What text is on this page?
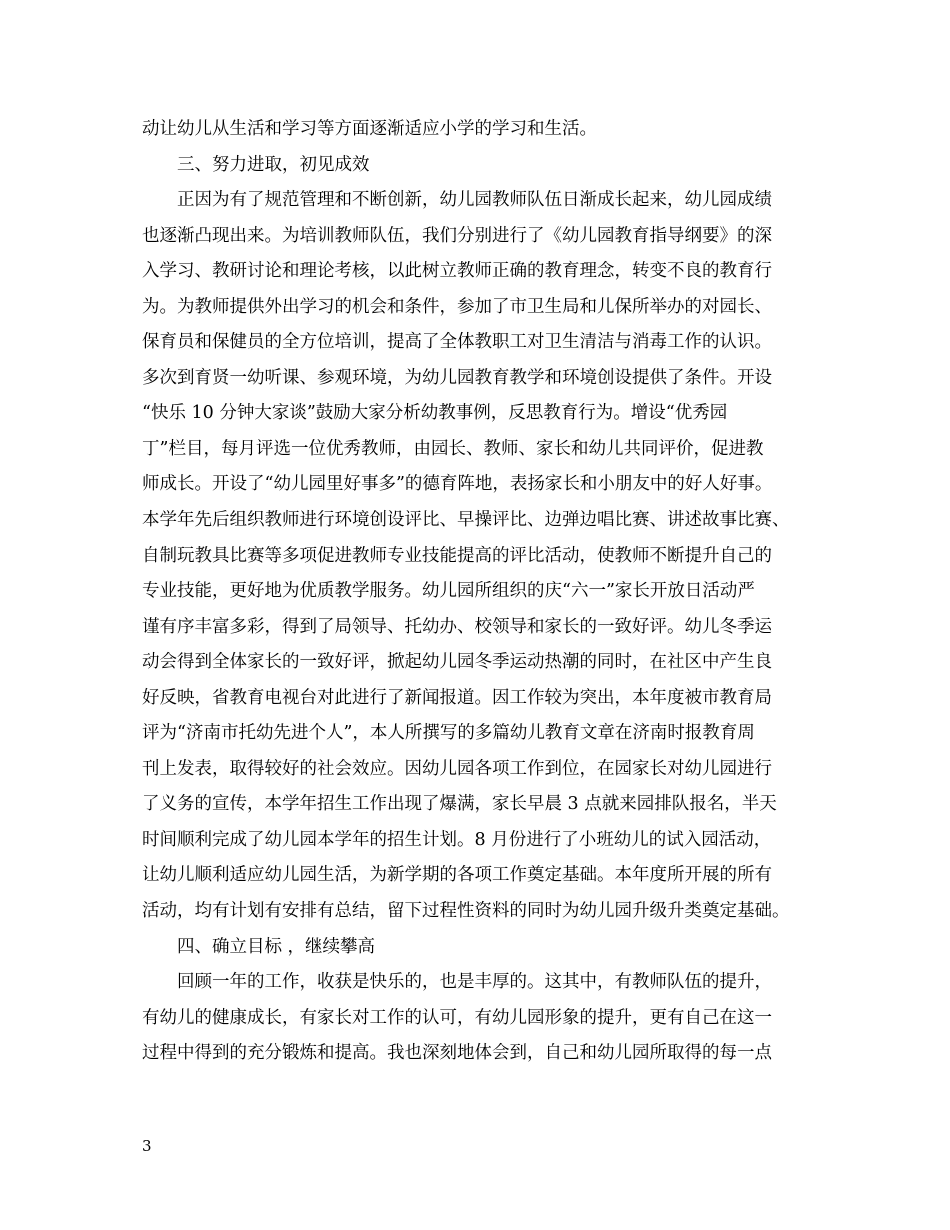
动让幼儿从生活和学习等方面逐渐适应小学的学习和生活。
三、努力进取，初见成效
正因为有了规范管理和不断创新，幼儿园教师队伍日渐成长起来，幼儿园成绩
也逐渐凸现出来。为培训教师队伍，我们分别进行了《幼儿园教育指导纲要》的深
入学习、教研讨论和理论考核，以此树立教师正确的教育理念，转变不良的教育行
为。为教师提供外出学习的机会和条件，参加了市卫生局和儿保所举办的对园长、
保育员和保健员的全方位培训，提高了全体教职工对卫生清洁与消毒工作的认识。
多次到育贤一幼听课、参观环境，为幼儿园教育教学和环境创设提供了条件。开设
“快乐 10 分钟大家谈”鼓励大家分析幼教事例，反思教育行为。增设“优秀园
丁”栏目，每月评选一位优秀教师，由园长、教师、家长和幼儿共同评价，促进教
师成长。开设了“幼儿园里好事多”的德育阵地，表扬家长和小朋友中的好人好事。
本学年先后组织教师进行环境创设评比、早操评比、边弹边唱比赛、讲述故事比赛、
自制玩教具比赛等多项促进教师专业技能提高的评比活动，使教师不断提升自己的
专业技能，更好地为优质教学服务。幼儿园所组织的庆“六一”家长开放日活动严
谨有序丰富多彩，得到了局领导、托幼办、校领导和家长的一致好评。幼儿冬季运
动会得到全体家长的一致好评，掀起幼儿园冬季运动热潮的同时，在社区中产生良
好反映，省教育电视台对此进行了新闻报道。因工作较为突出，本年度被市教育局
评为“济南市托幼先进个人”，本人所撰写的多篇幼儿教育文章在济南时报教育周
刊上发表，取得较好的社会效应。因幼儿园各项工作到位，在园家长对幼儿园进行
了义务的宣传，本学年招生工作出现了爆满，家长早晨 3 点就来园排队报名，半天
时间顺利完成了幼儿园本学年的招生计划。8 月份进行了小班幼儿的试入园活动，
让幼儿顺利适应幼儿园生活，为新学期的各项工作奠定基础。本年度所开展的所有
活动，均有计划有安排有总结，留下过程性资料的同时为幼儿园升级升类奠定基础。
四、确立目标 ，继续攀高
回顾一年的工作，收获是快乐的，也是丰厚的。这其中，有教师队伍的提升，
有幼儿的健康成长，有家长对工作的认可，有幼儿园形象的提升，更有自己在这一
过程中得到的充分锻炼和提高。我也深刻地体会到，自己和幼儿园所取得的每一点
3
